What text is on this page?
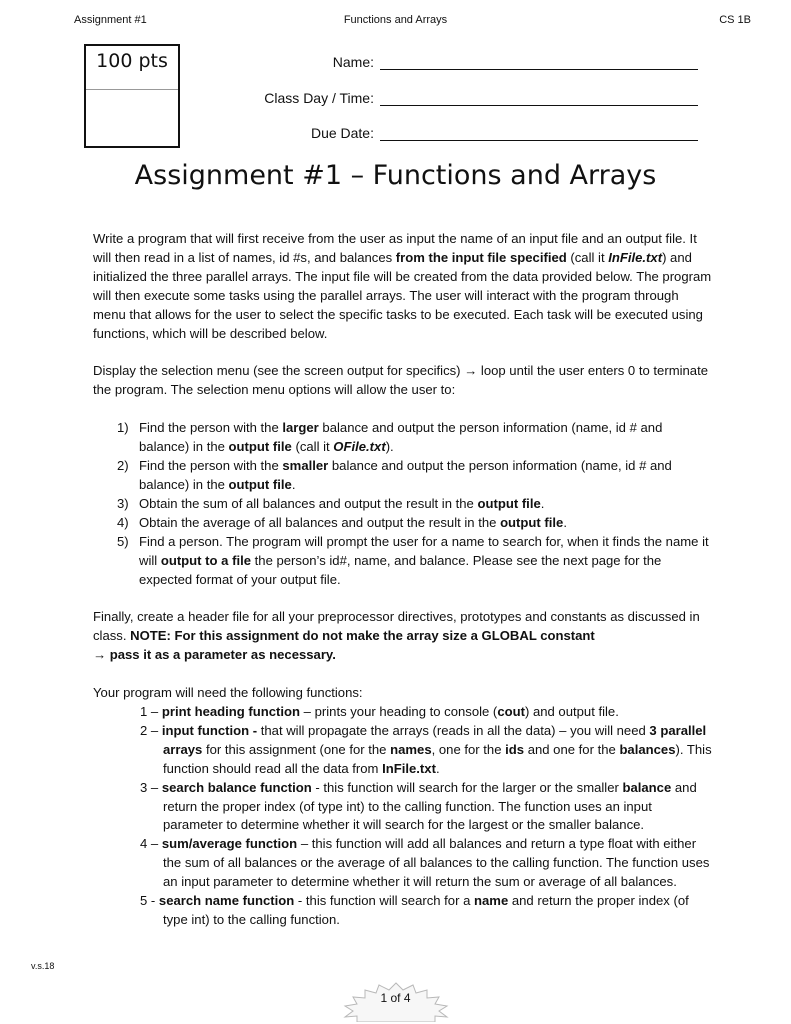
Assignment #1	Functions and Arrays	CS 1B
100 pts	Name:
Class Day / Time:
Due Date:
Assignment #1 – Functions and Arrays

Write a program that will first receive from the user as input the name of an input file and an output file. It will then read in a list of names, id #s, and balances from the input file specified (call it InFile.txt) and initialized the three parallel arrays. The input file will be created from the data provided below. The program will then execute some tasks using the parallel arrays. The user will interact with the program through menu that allows for the user to select the specific tasks to be executed. Each task will be executed using functions, which will be described below.

Display the selection menu (see the screen output for specifics) → loop until the user enters 0 to terminate the program. The selection menu options will allow the user to:

1) Find the person with the larger balance and output the person information (name, id # and balance) in the output file (call it OFile.txt).
2) Find the person with the smaller balance and output the person information (name, id # and balance) in the output file.
3) Obtain the sum of all balances and output the result in the output file.
4) Obtain the average of all balances and output the result in the output file.
5) Find a person. The program will prompt the user for a name to search for, when it finds the name it will output to a file the person’s id#, name, and balance. Please see the next page for the expected format of your output file.

Finally, create a header file for all your preprocessor directives, prototypes and constants as discussed in class. NOTE: For this assignment do not make the array size a GLOBAL constant
→ pass it as a parameter as necessary.

Your program will need the following functions:

1 – print heading function – prints your heading to console (cout) and output file.
2 – input function - that will propagate the arrays (reads in all the data) – you will need 3 parallel arrays for this assignment (one for the names, one for the ids and one for the balances). This function should read all the data from InFile.txt.
3 – search balance function - this function will search for the larger or the smaller balance and return the proper index (of type int) to the calling function. The function uses an input parameter to determine whether it will search for the largest or the smaller balance.
4 – sum/average function – this function will add all balances and return a type float with either the sum of all balances or the average of all balances to the calling function. The function uses an input parameter to determine whether it will return the sum or average of all balances.
5 - search name function - this function will search for a name and return the proper index (of type int) to the calling function.
v.s.18
1 of 4
